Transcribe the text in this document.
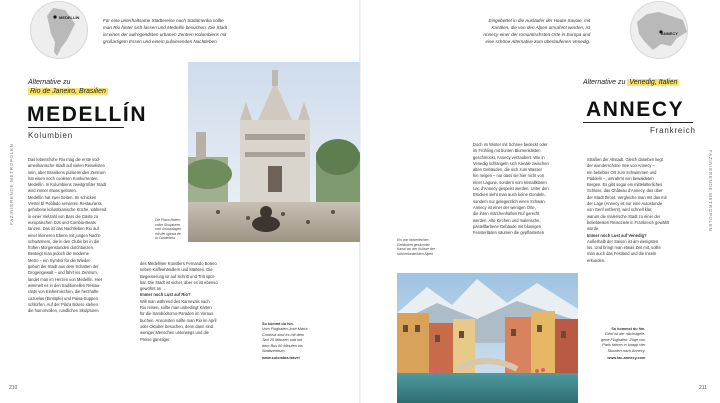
MEDELLÍN
Für eine unterhaltsame Städtereise nach Südamerika sollte
man Rio hinter sich lassen und Medellín besuchen. Die Stadt
ist eines der aufregendsten urbanen Zentren Kolumbiens mit
großartigem Essen und einem pulsierenden Nachtleben.
Alternative zu
Rio de Janeiro, Brasilien
MEDELLÍN
Kolumbien
FAZINIERENDE METROPOLEN	Das lebensfrohe Rio mag die erste süd-
amerikanische Stadt auf vielen Reiselisten
sein, aber Brasiliens pulsierendes Zentrum
hat einen noch cooleren Konkurrenten:
Medellín. In Kolumbiens zweitgrößter Stadt
wird immer etwas geboten.
Medellín hat zwei Seiten. Im schicken
Viertel El Poblado servieren Restaurants
gehobene kolumbianische Küche, während
in einer Vielzahl von Bars die Gäste zu
europäischen DJs und Cumbia-Beats
tanzen. Das ist das Nachtleben Rio auf
einer kleineren Ebene mit jungen Nacht-
schwärmern, die in den Clubs bis in die
frühen Morgenstunden durchtanzen.
Besteigt man jedoch die moderne
Metro – ein Symbol für die Wieder-
geburt der Stadt aus dem Schatten der
Drogengewalt – und fährt ins Zentrum,
landet man im Herzen von Medellín. Hier
wimmelt es in den traditionellen Restau-
rants von Einheimischen, die herzhafte
cazuelas (Eintöpfe) und Paisa-Suppen
schlürfen. Auf der Plaza Botero stehen
die humorvollen, rundlichen Skulpturen
Die Plaza Botero
voller Skulpturen
und Grünanlagen
mit der Iglesia de
la Candelaria
des Medelliner Künstlers Fernando Botero
neben Kaffeehändlern und Märkten. Die
Begeisterung ist auf Schritt und Tritt spür-
bar. Die Stadt ist sicher, aber es ist ebenso
gewöhnt an …
Immer noch Lust auf Rio?
Will man während des Karnevals nach
Rio reisen, sollte man unbedingt Karten
für die Sambódromo-Paraden im Voraus
buchen. Ansonsten sollte man Rio im April
oder Oktober besuchen, denn dann sind
weniger Menschen unterwegs und die
Preise günstiger.
So kommt du hin.
Vom Flughafen José María
Córdova sind es mit dem
Taxi 25 Minuten und mit
dem Bus 60 Minuten ins
Stadtzentrum.
www.colombia.travel
210
ANNECY
Eingebettet in die Ausläufer der Haute-Savoie, mit
Kanälen, die von den Alpen umrahmt werden, ist
Annecy einer der romantischsten Orte in Europa und
eine schöne Alternative zum überlaufenen Venedig.
Alternative zu Venedig, Italien
ANNECY
Frankreich
FAZINIERENDE METROPOLEN
Doch im Winter mit Schnee bedeckt oder
im Frühling mit bunten Blumenkästen
geschmückt, Annecy verzaubert. Wie in
Venedig schlängeln sich Kanäle zwischen
alten Gebäuden, die sich zum Wasser
hin neigen – nur dass sie hier nicht von
einer Lagune, sondern vom kristallklaren
Lac d'Annecy gespeist werden. Unter den
Brücken sieht man auch keine Gondeln,
sondern nur gelegentlich einen Schwan.
Annecy ist einer der wenigen Orte,
die ihren märchenhaften Ruf gerecht
werden. Alte Kirchen und malerische,
pastellfarbene Gebäude mit blumigen
Fensterläden säumen die gepflasterten
Straßen der Altstadt. Gleich daneben liegt
der wunderschöne See von Annecy –
ein beliebter Ort zum Schwimmen und
Paddeln –, umrahmt von bewaldeten
Bergen. Es gibt sogar ein mittelalterliches
Schloss, das Château d'Annecy, das über
der Stadt thront. Vergleiche man mit das mit
der Lage (Annecy ist nur eine Autostunde
von Genf entfernt), wird schnell klar,
warum die malerische Stadt zu einer der
beliebtesten Reiseziele in Frankreich gewählt
wurde.
Immer noch Lust auf Venedig?
Außerhalb der Saison ist am wenigsten
los. Und bringt man etwas Zeit mit, sollte
man auch das Festland und die Inseln
erkunden.
Ein von farbenfrohen
Gebäuden gesäumter
Kanal vor der Kulisse der
schneebedeckten Alpen
So kommst du hin.
Genf ist der nächstgele-
gene Flughafen. Züge von
Paris fahren in knapp vier
Stunden nach Annecy.
www.lac-annecy.com
211
